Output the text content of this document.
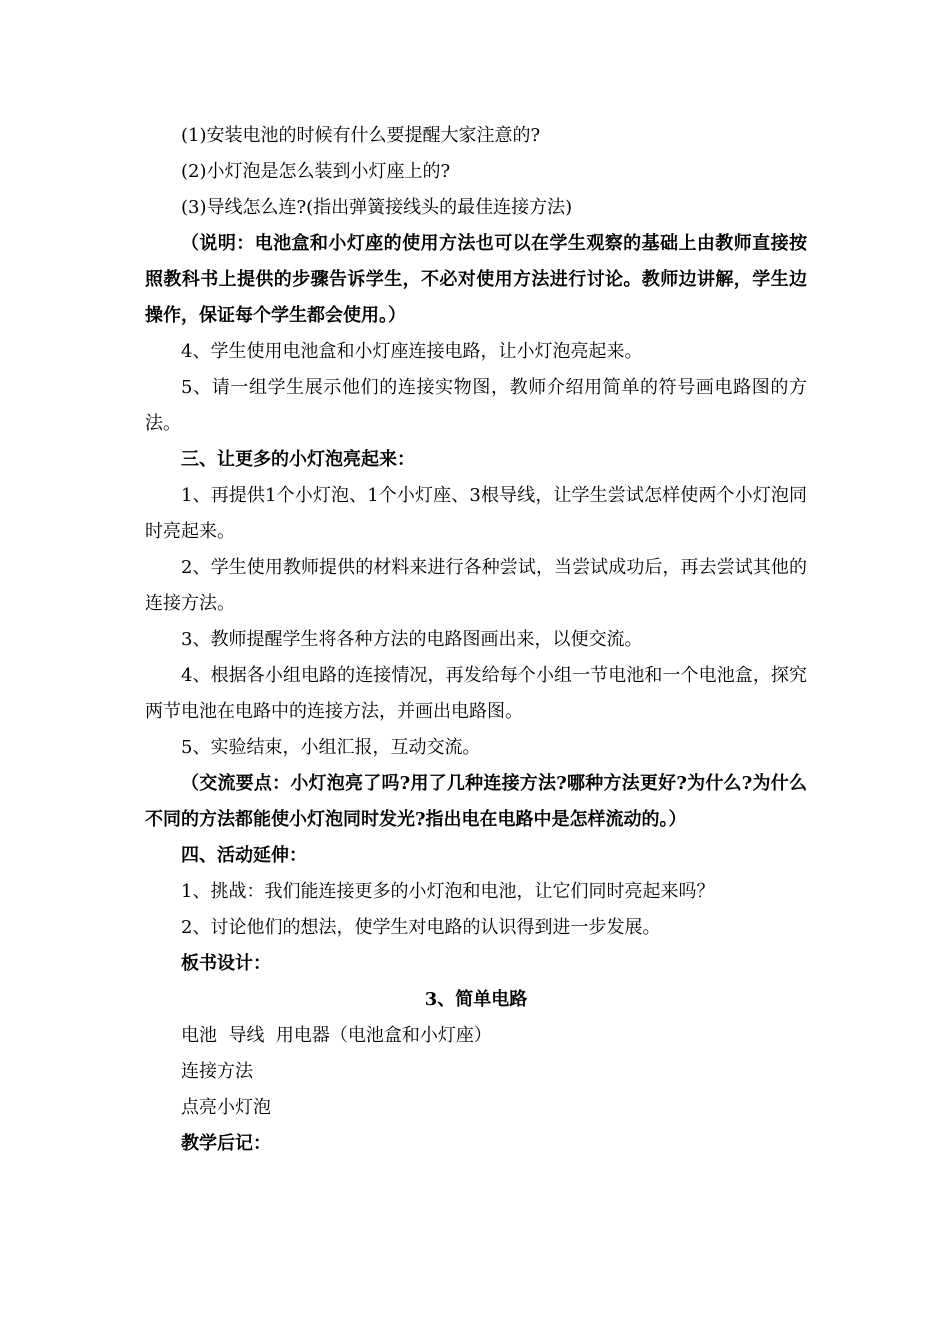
(1)安装电池的时候有什么要提醒大家注意的?

(2)小灯泡是怎么装到小灯座上的?

(3)导线怎么连?(指出弹簧接线头的最佳连接方法)

（说明：电池盒和小灯座的使用方法也可以在学生观察的基础上由教师直接按照教科书上提供的步骤告诉学生，不必对使用方法进行讨论。教师边讲解，学生边操作，保证每个学生都会使用。）

4、学生使用电池盒和小灯座连接电路，让小灯泡亮起来。

5、请一组学生展示他们的连接实物图，教师介绍用简单的符号画电路图的方法。

三、让更多的小灯泡亮起来：

1、再提供1个小灯泡、1个小灯座、3根导线，让学生尝试怎样使两个小灯泡同时亮起来。

2、学生使用教师提供的材料来进行各种尝试，当尝试成功后，再去尝试其他的连接方法。

3、教师提醒学生将各种方法的电路图画出来，以便交流。

4、根据各小组电路的连接情况，再发给每个小组一节电池和一个电池盒，探究两节电池在电路中的连接方法，并画出电路图。

5、实验结束，小组汇报，互动交流。

（交流要点：小灯泡亮了吗?用了几种连接方法?哪种方法更好?为什么?为什么不同的方法都能使小灯泡同时发光?指出电在电路中是怎样流动的。）

四、活动延伸：

1、挑战：我们能连接更多的小灯泡和电池，让它们同时亮起来吗？

2、讨论他们的想法，使学生对电路的认识得到进一步发展。

板书设计：

3、简单电路

电池  导线  用电器（电池盒和小灯座）

连接方法

点亮小灯泡

教学后记：
